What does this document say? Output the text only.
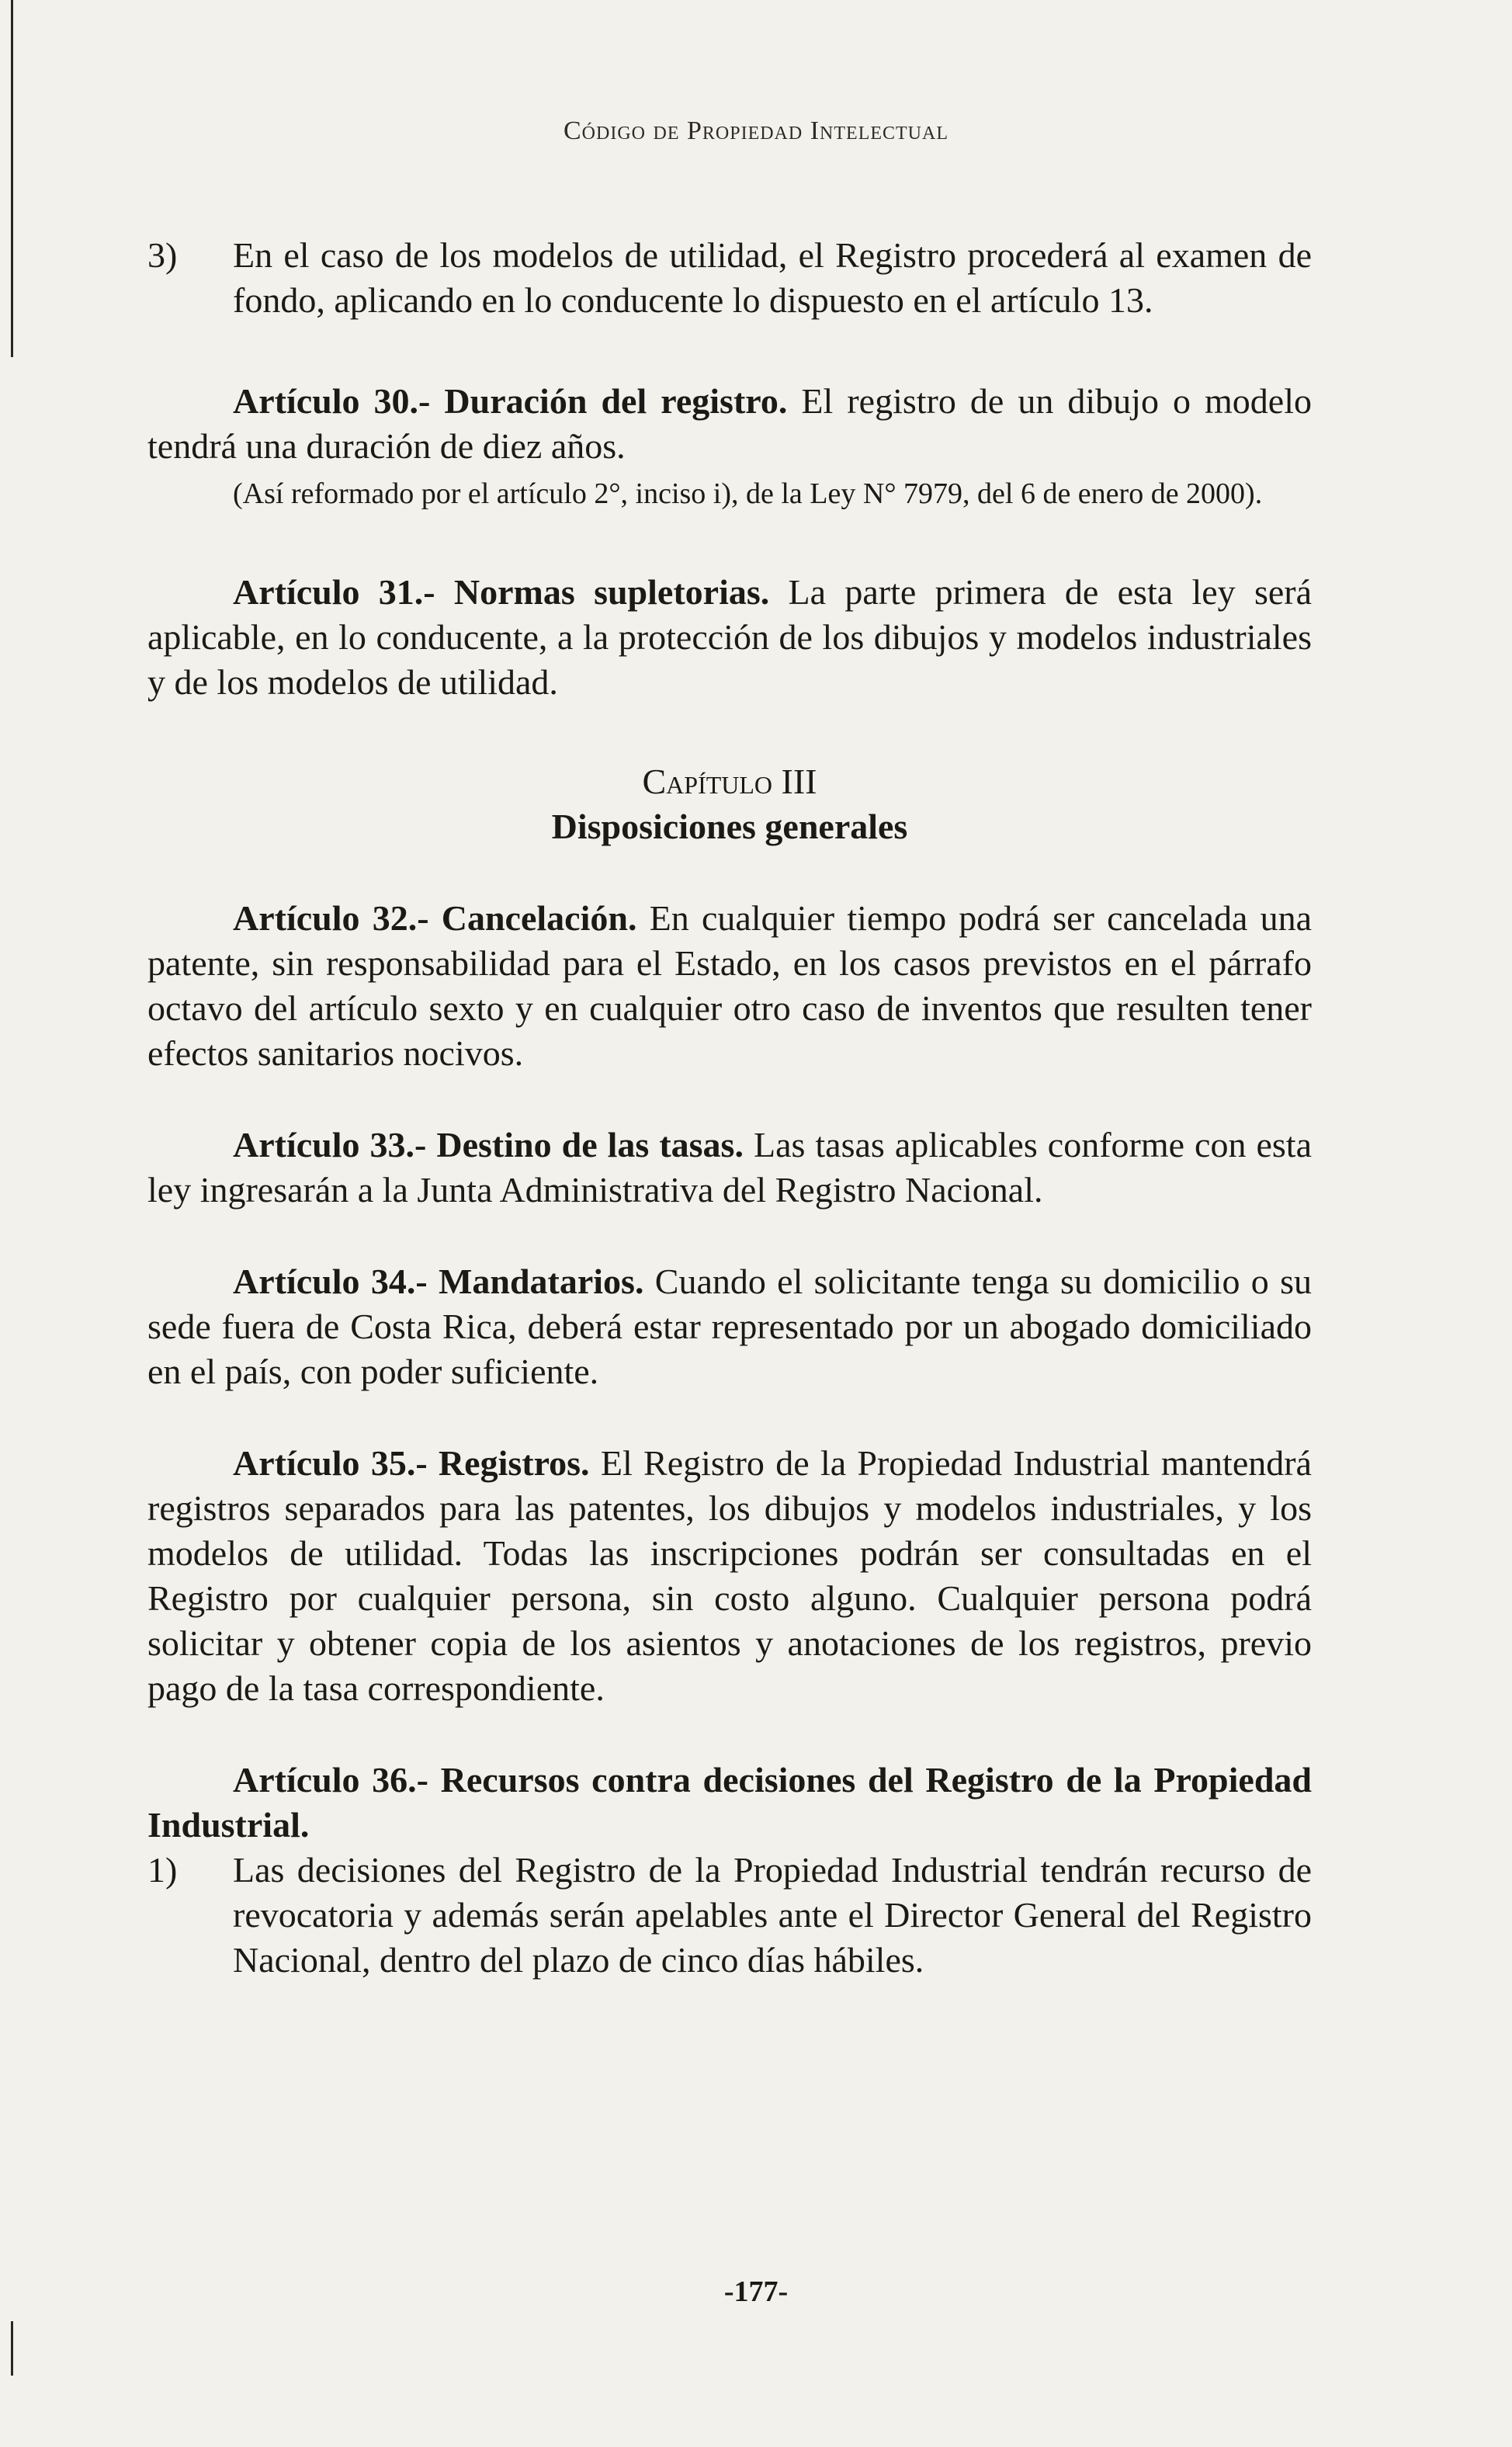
Código de Propiedad Intelectual
3)	En el caso de los modelos de utilidad, el Registro procederá al examen de fondo, aplicando en lo conducente lo dispuesto en el artículo 13.

Artículo 30.- Duración del registro. El registro de un dibujo o modelo tendrá una duración de diez años.

(Así reformado por el artículo 2°, inciso i), de la Ley N° 7979, del 6 de enero de 2000).

Artículo 31.- Normas supletorias. La parte primera de esta ley será aplicable, en lo conducente, a la protección de los dibujos y modelos industriales y de los modelos de utilidad.

Capítulo III
Disposiciones generales

Artículo 32.- Cancelación. En cualquier tiempo podrá ser cancelada una patente, sin responsabilidad para el Estado, en los casos previstos en el párrafo octavo del artículo sexto y en cualquier otro caso de inventos que resulten tener efectos sanitarios nocivos.

Artículo 33.- Destino de las tasas. Las tasas aplicables conforme con esta ley ingresarán a la Junta Administrativa del Registro Nacional.

Artículo 34.- Mandatarios. Cuando el solicitante tenga su domicilio o su sede fuera de Costa Rica, deberá estar representado por un abogado domiciliado en el país, con poder suficiente.

Artículo 35.- Registros. El Registro de la Propiedad Industrial mantendrá registros separados para las patentes, los dibujos y modelos industriales, y los modelos de utilidad. Todas las inscripciones podrán ser consultadas en el Registro por cualquier persona, sin costo alguno. Cualquier persona podrá solicitar y obtener copia de los asientos y anotaciones de los registros, previo pago de la tasa correspondiente.

Artículo 36.- Recursos contra decisiones del Registro de la Propiedad Industrial.

1)	Las decisiones del Registro de la Propiedad Industrial tendrán recurso de revocatoria y además serán apelables ante el Director General del Registro Nacional, dentro del plazo de cinco días hábiles.
-177-
